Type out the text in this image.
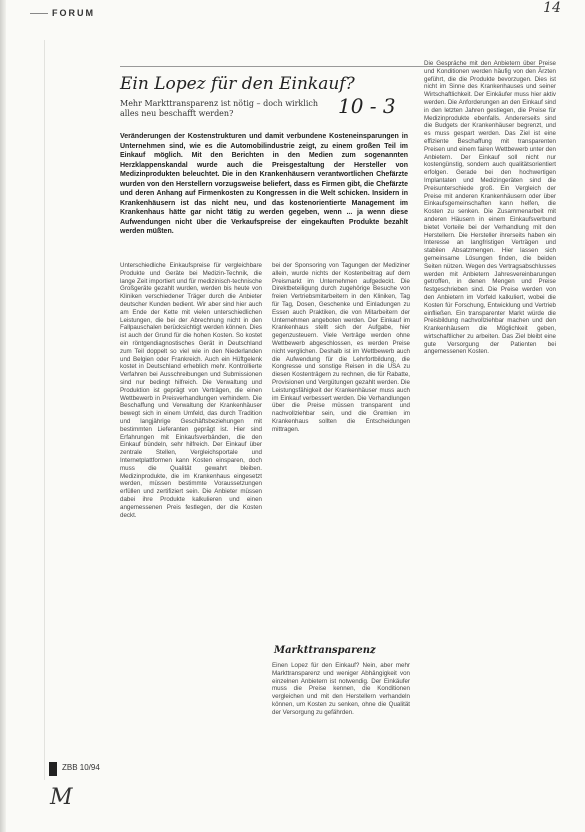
FORUM	14
Ein Lopez für den Einkauf?
Mehr Markttransparenz ist nötig – doch wirklich alles neu beschafft werden?	10 - 3
Veränderungen der Kostenstrukturen und damit verbundene Kosteneinsparungen in Unternehmen sind, wie es die Automobilindustrie zeigt, zu einem großen Teil im Einkauf möglich. Mit den Berichten in den Medien zum sogenannten Herzklappenskandal wurde auch die Preisgestaltung der Hersteller von Medizinprodukten beleuchtet. Die in den Krankenhäusern verantwortlichen Chefärzte wurden von den Herstellern vorzugsweise beliefert, dass es Firmen gibt, die Chefärzte und deren Anhang auf Firmenkosten zu Kongressen in die Welt schicken. Insidern in Krankenhäusern ist das nicht neu, und das kostenorientierte Management im Krankenhaus hätte gar nicht tätig zu werden gegeben, wenn ... ja wenn diese Aufwendungen nicht über die Verkaufspreise der eingekauften Produkte bezahlt werden müßten.
Unterschiedliche Einkaufspreise für vergleichbare Produkte und Geräte bei Medizin-Technik, die lange Zeit importiert und für medizinisch-technische Großgeräte gezahlt wurden, werden bis heute von Kliniken verschiedener Träger durch die Anbieter deutscher Kunden bedient. Wir aber sind hier auch am Ende der Kette mit vielen unterschiedlichen Leistungen, die bei der Abrechnung nicht in den Fallpauschalen berücksichtigt werden können. Dies ist auch der Grund für die hohen Kosten. So kostet ein röntgendiagnostisches Gerät in Deutschland zum Teil doppelt so viel wie in den Niederlanden und Belgien oder Frankreich. Auch ein Hüftgelenk kostet in Deutschland erheblich mehr. Kontrollierte Verfahren bei Ausschreibungen und Submissionen sind nur bedingt hilfreich. Die Verwaltung und Produktion ist geprägt von Verträgen, die einen Wettbewerb in Preisverhandlungen verhindern. Die Beschaffung und Verwaltung der Krankenhäuser bewegt sich in einem Umfeld, das durch Tradition und langjährige Geschäftsbeziehungen mit bestimmten Lieferanten geprägt ist. Hier sind Erfahrungen mit Einkaufsverbänden, die den Einkauf bündeln, sehr hilfreich. Der Einkauf über zentrale Stellen, Vergleichsportale und Internetplattformen kann Kosten einsparen, doch muss die Qualität gewahrt bleiben. Medizinprodukte, die im Krankenhaus eingesetzt werden, müssen bestimmte Voraussetzungen erfüllen und zertifiziert sein. Die Anbieter müssen dabei ihre Produkte kalkulieren und einen angemessenen Preis festlegen, der die Kosten deckt.
bei der Sponsoring von Tagungen der Mediziner allein, wurde nichts der Kostenbeitrag auf dem Preismarkt im Unternehmen aufgedeckt. Die Direktbeteiligung durch zugehörige Besuche von freien Vertriebsmitarbeitern in den Kliniken, Tag für Tag, Dosen, Geschenke und Einladungen zu Essen auch Praktiken, die von Mitarbeitern der Unternehmen angeboten werden. Der Einkauf im Krankenhaus stellt sich der Aufgabe, hier gegenzusteuern. Viele Verträge werden ohne Wettbewerb abgeschlossen, es werden Preise nicht verglichen. Deshalb ist im Wettbewerb auch die Aufwendung für die Lehrfortbildung, die Kongresse und sonstige Reisen in die USA zu diesen Kostenträgern zu rechnen, die für Rabatte, Provisionen und Vergütungen gezahlt werden. Die Leistungsfähigkeit der Krankenhäuser muss auch im Einkauf verbessert werden. Die Verhandlungen über die Preise müssen transparent und nachvollziehbar sein, und die Gremien im Krankenhaus sollten die Entscheidungen mittragen.
Markttransparenz
Einen Lopez für den Einkauf? Nein, aber mehr Markttransparenz und weniger Abhängigkeit von einzelnen Anbietern ist notwendig. Der Einkäufer muss die Preise kennen, die Konditionen vergleichen und mit den Herstellern verhandeln können, um Kosten zu senken, ohne die Qualität der Versorgung zu gefährden.
Die Gespräche mit den Anbietern über Preise und Konditionen werden häufig von den Ärzten geführt, die die Produkte bevorzugen. Dies ist nicht im Sinne des Krankenhauses und seiner Wirtschaftlichkeit. Der Einkäufer muss hier aktiv werden. Die Anforderungen an den Einkauf sind in den letzten Jahren gestiegen, die Preise für Medizinprodukte ebenfalls. Andererseits sind die Budgets der Krankenhäuser begrenzt, und es muss gespart werden. Das Ziel ist eine effiziente Beschaffung mit transparenten Preisen und einem fairen Wettbewerb unter den Anbietern. Der Einkauf soll nicht nur kostengünstig, sondern auch qualitätsorientiert erfolgen. Gerade bei den hochwertigen Implantaten und Medizingeräten sind die Preisunterschiede groß. Ein Vergleich der Preise mit anderen Krankenhäusern oder über Einkaufsgemeinschaften kann helfen, die Kosten zu senken. Die Zusammenarbeit mit anderen Häusern in einem Einkaufsverbund bietet Vorteile bei der Verhandlung mit den Herstellern. Die Hersteller ihrerseits haben ein Interesse an langfristigen Verträgen und stabilen Absatzmengen. Hier lassen sich gemeinsame Lösungen finden, die beiden Seiten nützen. Wegen des Vertragsabschlusses werden mit Anbietern Jahresvereinbarungen getroffen, in denen Mengen und Preise festgeschrieben sind. Die Preise werden von den Anbietern im Vorfeld kalkuliert, wobei die Kosten für Forschung, Entwicklung und Vertrieb einfließen. Ein transparenter Markt würde die Preisbildung nachvollziehbar machen und den Krankenhäusern die Möglichkeit geben, wirtschaftlicher zu arbeiten. Das Ziel bleibt eine gute Versorgung der Patienten bei angemessenen Kosten.
ZBB 10/94
M
